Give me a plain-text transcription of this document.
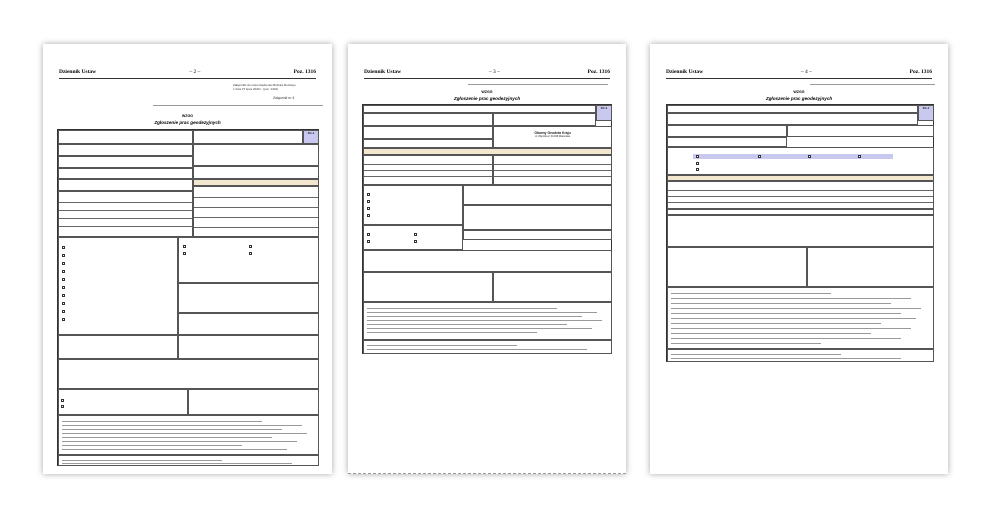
Dziennik Ustaw	– 2 –	Poz. 1316
Załączniki do rozporządzenia Ministra Rozwoju
z dnia 27 lipca 2020 r. (poz. 1316)
Załącznik nr 4
WZGG
Zgłoszenie prac geodezyjnych
ZG-1
Dziennik Ustaw	– 3 –	Poz. 1316
WZGG
Zgłoszenie prac geodezyjnych
ZG-1
Główny Geodeta Kraju
ul. Wspólna 2, 00-926 Warszawa
Dziennik Ustaw	– 4 –	Poz. 1316
WZGG
Zgłoszenie prac geodezyjnych
ZG-1
